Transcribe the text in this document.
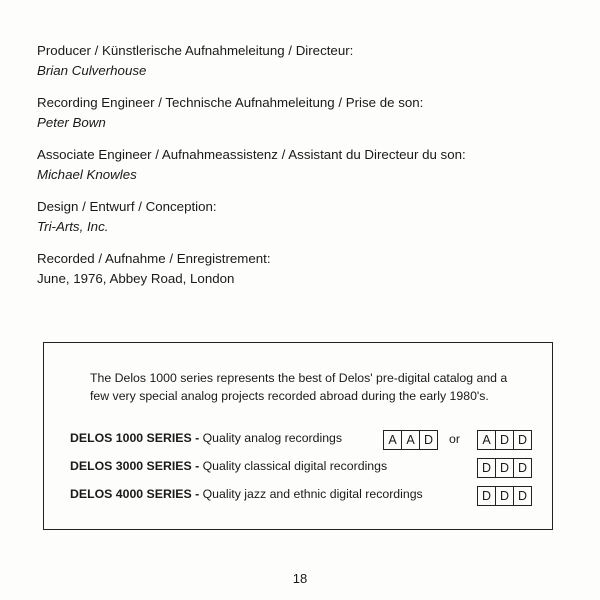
Producer / Künstlerische Aufnahmeleitung / Directeur:
Brian Culverhouse
Recording Engineer / Technische Aufnahmeleitung / Prise de son:
Peter Bown
Associate Engineer / Aufnahmeassistenz / Assistant du Directeur du son:
Michael Knowles
Design / Entwurf / Conception:
Tri-Arts, Inc.
Recorded / Aufnahme / Enregistrement:
June, 1976, Abbey Road, London
The Delos 1000 series represents the best of Delos' pre-digital catalog and a few very special analog projects recorded abroad during the early 1980's.
DELOS 1000 SERIES - Quality analog recordings	A A D	or	A D D
DELOS 3000 SERIES - Quality classical digital recordings	D D D
DELOS 4000 SERIES - Quality jazz and ethnic digital recordings	D D D
18
